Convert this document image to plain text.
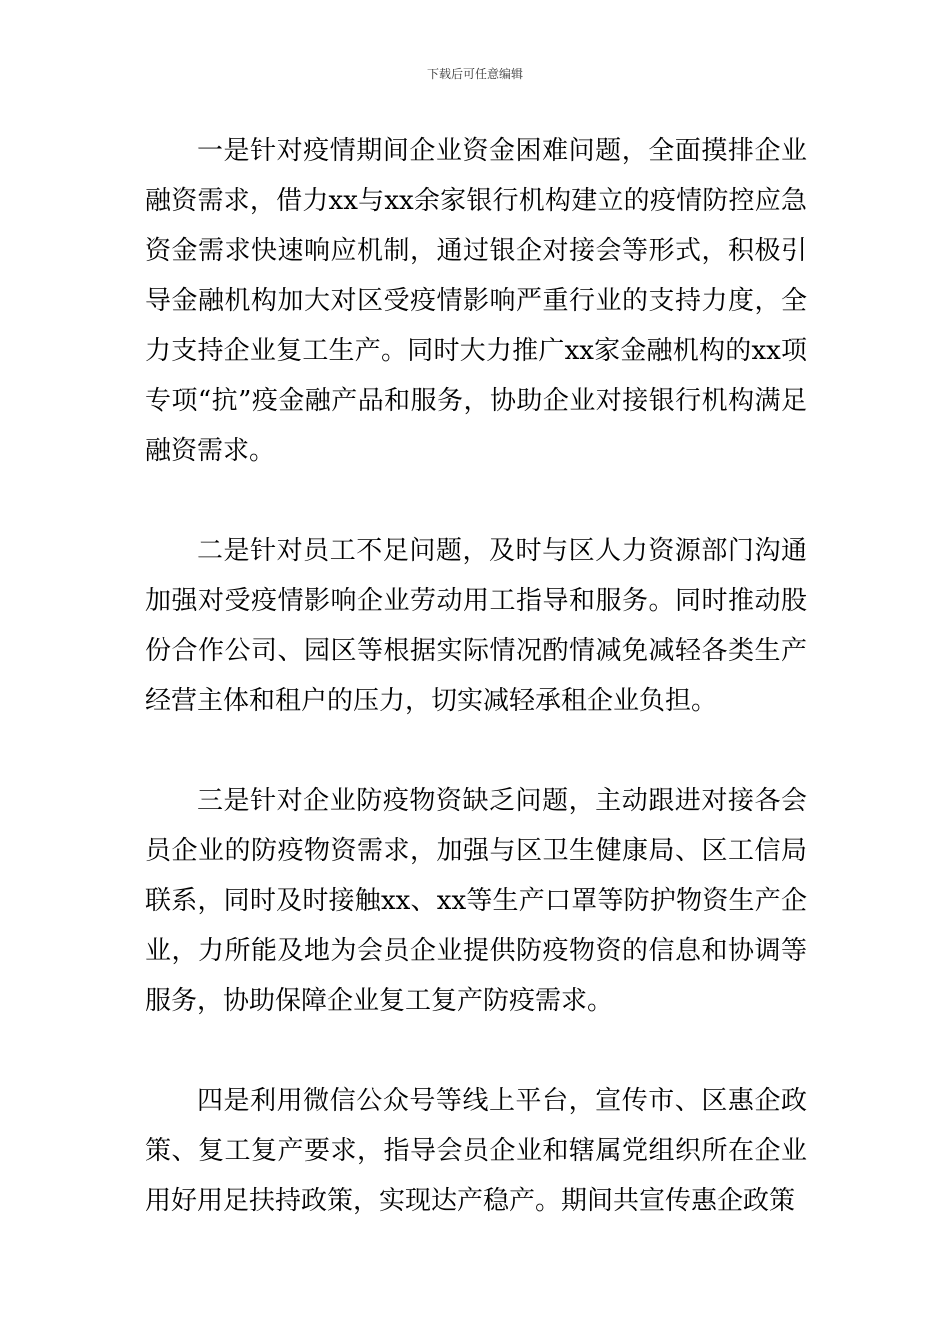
下载后可任意编辑

一是针对疫情期间企业资金困难问题，全面摸排企业融资需求，借力xx与xx余家银行机构建立的疫情防控应急资金需求快速响应机制，通过银企对接会等形式，积极引导金融机构加大对区受疫情影响严重行业的支持力度，全力支持企业复工生产。同时大力推广xx家金融机构的xx项专项“抗”疫金融产品和服务，协助企业对接银行机构满足融资需求。

二是针对员工不足问题，及时与区人力资源部门沟通加强对受疫情影响企业劳动用工指导和服务。同时推动股份合作公司、园区等根据实际情况酌情减免减轻各类生产经营主体和租户的压力，切实减轻承租企业负担。

三是针对企业防疫物资缺乏问题，主动跟进对接各会员企业的防疫物资需求，加强与区卫生健康局、区工信局联系，同时及时接触xx、xx等生产口罩等防护物资生产企业，力所能及地为会员企业提供防疫物资的信息和协调等服务，协助保障企业复工复产防疫需求。

四是利用微信公众号等线上平台，宣传市、区惠企政策、复工复产要求，指导会员企业和辖属党组织所在企业用好用足扶持政策，实现达产稳产。期间共宣传惠企政策
